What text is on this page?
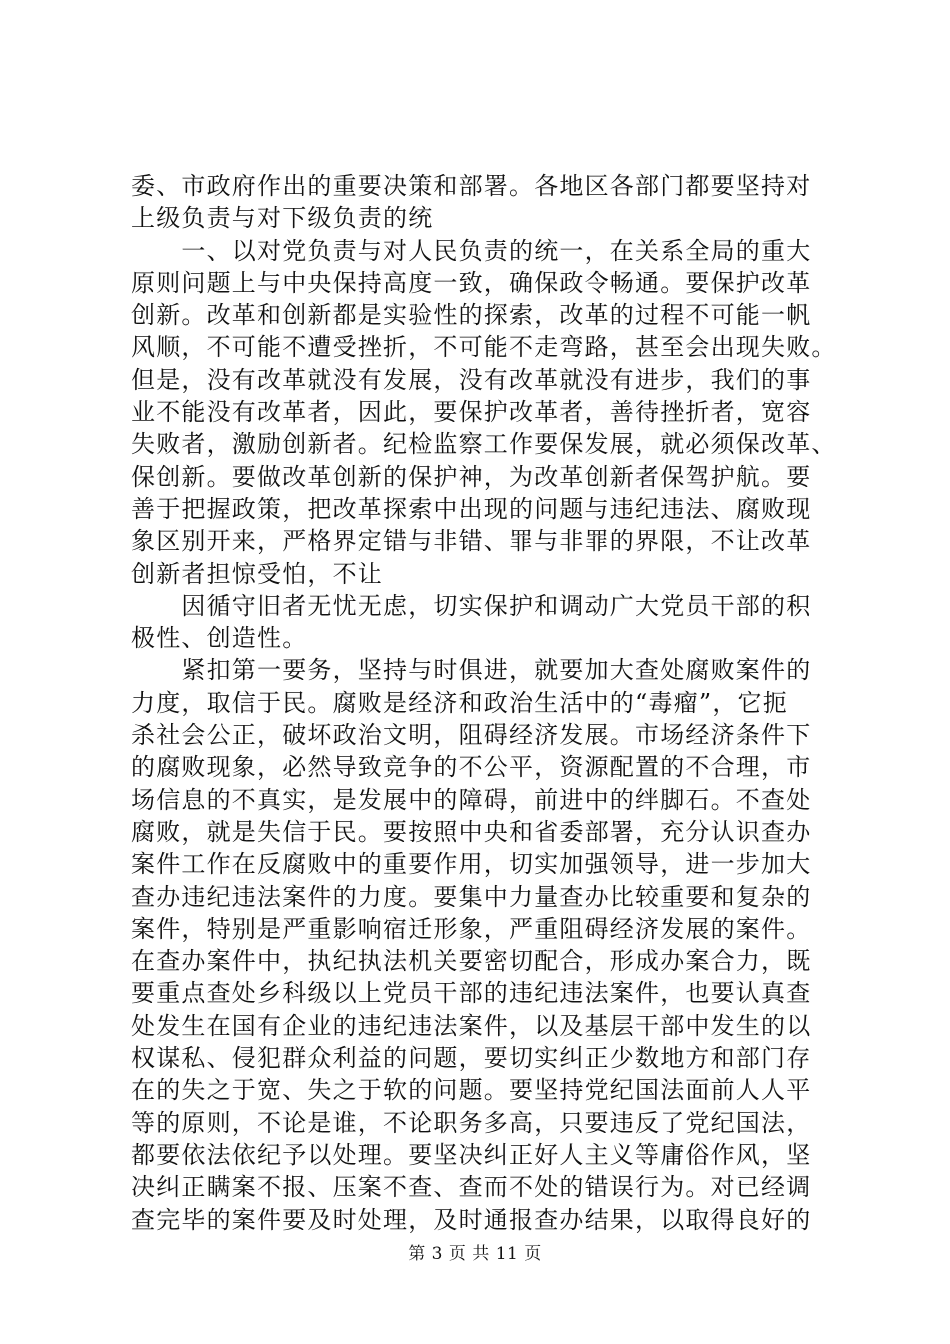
委、市政府作出的重要决策和部署。各地区各部门都要坚持对
上级负责与对下级负责的统
　　一、以对党负责与对人民负责的统一，在关系全局的重大
原则问题上与中央保持高度一致，确保政令畅通。要保护改革
创新。改革和创新都是实验性的探索，改革的过程不可能一帆
风顺，不可能不遭受挫折，不可能不走弯路，甚至会出现失败。
但是，没有改革就没有发展，没有改革就没有进步，我们的事
业不能没有改革者，因此，要保护改革者，善待挫折者，宽容
失败者，激励创新者。纪检监察工作要保发展，就必须保改革、
保创新。要做改革创新的保护神，为改革创新者保驾护航。要
善于把握政策，把改革探索中出现的问题与违纪违法、腐败现
象区别开来，严格界定错与非错、罪与非罪的界限，不让改革
创新者担惊受怕，不让
　　因循守旧者无忧无虑，切实保护和调动广大党员干部的积
极性、创造性。
　　紧扣第一要务，坚持与时俱进，就要加大查处腐败案件的
力度，取信于民。腐败是经济和政治生活中的“毒瘤”，它扼
杀社会公正，破坏政治文明，阻碍经济发展。市场经济条件下
的腐败现象，必然导致竞争的不公平，资源配置的不合理，市
场信息的不真实，是发展中的障碍，前进中的绊脚石。不查处
腐败，就是失信于民。要按照中央和省委部署，充分认识查办
案件工作在反腐败中的重要作用，切实加强领导，进一步加大
查办违纪违法案件的力度。要集中力量查办比较重要和复杂的
案件，特别是严重影响宿迁形象，严重阻碍经济发展的案件。
在查办案件中，执纪执法机关要密切配合，形成办案合力，既
要重点查处乡科级以上党员干部的违纪违法案件，也要认真查
处发生在国有企业的违纪违法案件，以及基层干部中发生的以
权谋私、侵犯群众利益的问题，要切实纠正少数地方和部门存
在的失之于宽、失之于软的问题。要坚持党纪国法面前人人平
等的原则，不论是谁，不论职务多高，只要违反了党纪国法，
都要依法依纪予以处理。要坚决纠正好人主义等庸俗作风，坚
决纠正瞒案不报、压案不查、查而不处的错误行为。对已经调
查完毕的案件要及时处理，及时通报查办结果，以取得良好的
第 3 页 共 11 页
